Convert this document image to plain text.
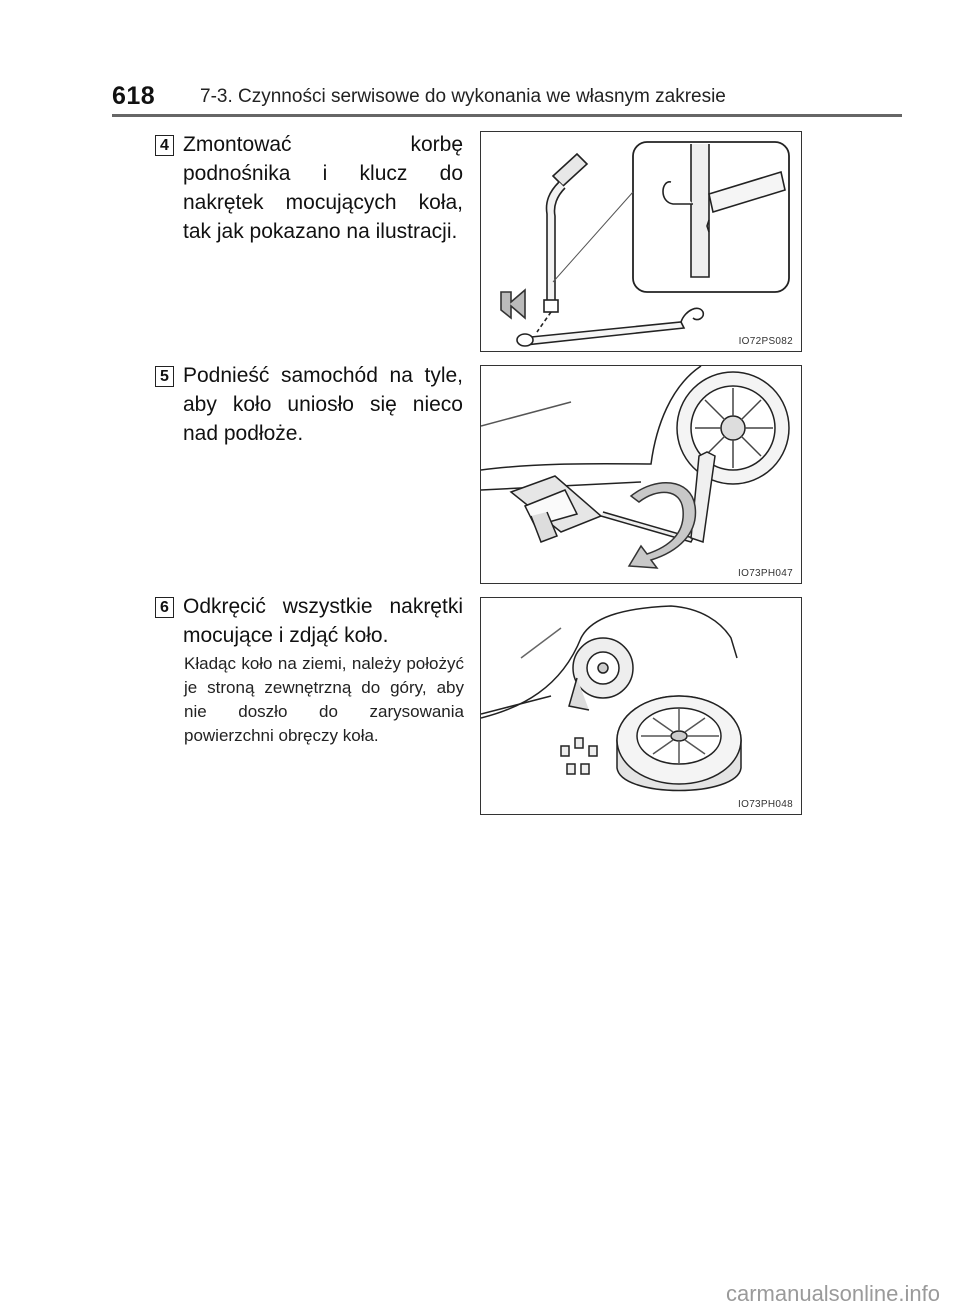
618 7-3. Czynności serwisowe do wykonania we własnym zakresie
4 Zmontować korbę podnośnika i klucz do nakrętek mocujących koła, tak jak pokazano na ilustracji.
IO72PS082
5 Podnieść samochód na tyle, aby koło uniosło się nieco nad podłoże.
IO73PH047
6 Odkręcić wszystkie nakrętki mocujące i zdjąć koło.
Kładąc koło na ziemi, należy położyć je stroną zewnętrzną do góry, aby nie doszło do zarysowania powierzchni obręczy koła.
IO73PH048
carmanualsonline.info
